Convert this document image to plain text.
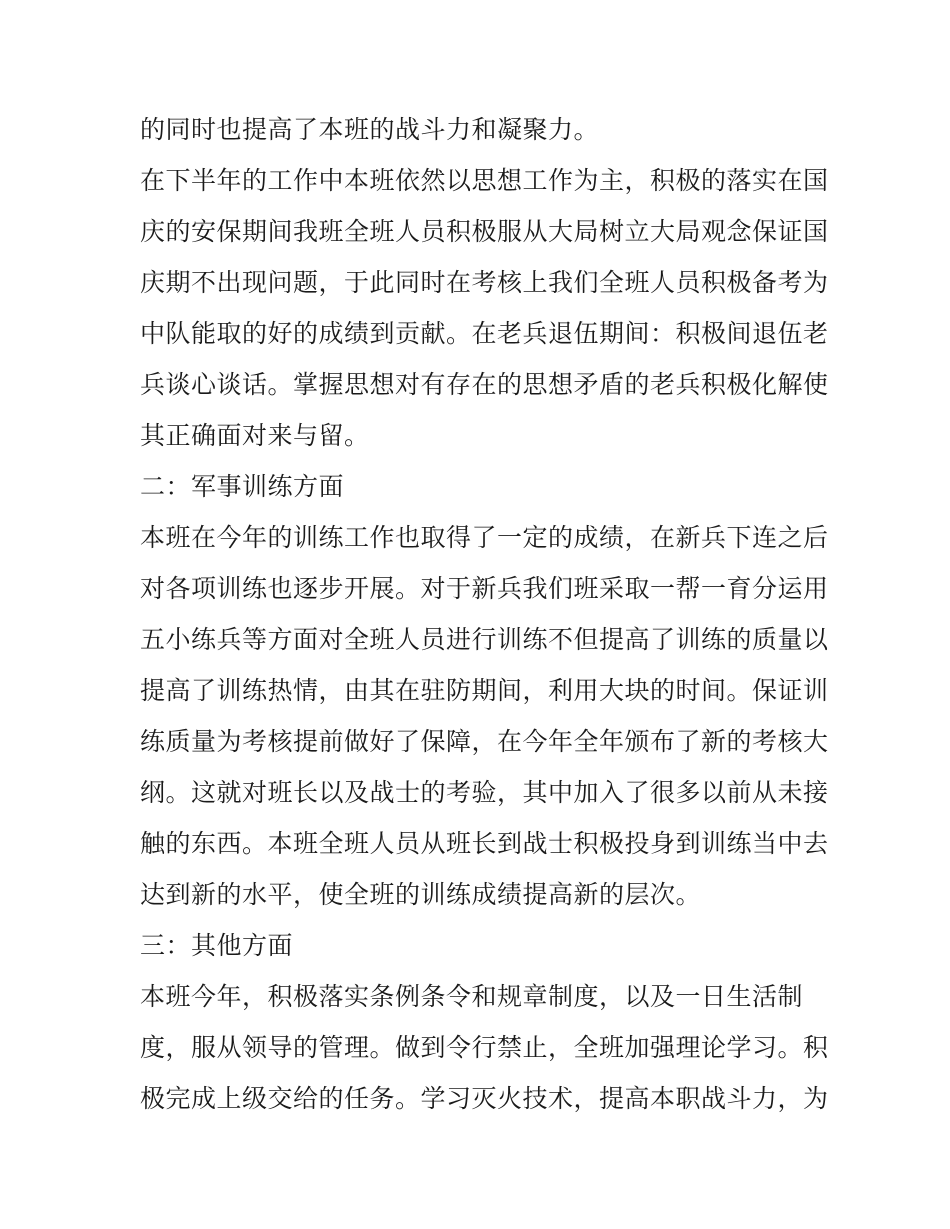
的同时也提高了本班的战斗力和凝聚力。
在下半年的工作中本班依然以思想工作为主，积极的落实在国
庆的安保期间我班全班人员积极服从大局树立大局观念保证国
庆期不出现问题，于此同时在考核上我们全班人员积极备考为
中队能取的好的成绩到贡献。在老兵退伍期间：积极间退伍老
兵谈心谈话。掌握思想对有存在的思想矛盾的老兵积极化解使
其正确面对来与留。
二：军事训练方面
本班在今年的训练工作也取得了一定的成绩，在新兵下连之后
对各项训练也逐步开展。对于新兵我们班采取一帮一育分运用
五小练兵等方面对全班人员进行训练不但提高了训练的质量以
提高了训练热情，由其在驻防期间，利用大块的时间。保证训
练质量为考核提前做好了保障，在今年全年颁布了新的考核大
纲。这就对班长以及战士的考验，其中加入了很多以前从未接
触的东西。本班全班人员从班长到战士积极投身到训练当中去
达到新的水平，使全班的训练成绩提高新的层次。
三：其他方面
本班今年，积极落实条例条令和规章制度，以及一日生活制
度，服从领导的管理。做到令行禁止，全班加强理论学习。积
极完成上级交给的任务。学习灭火技术，提高本职战斗力，为
